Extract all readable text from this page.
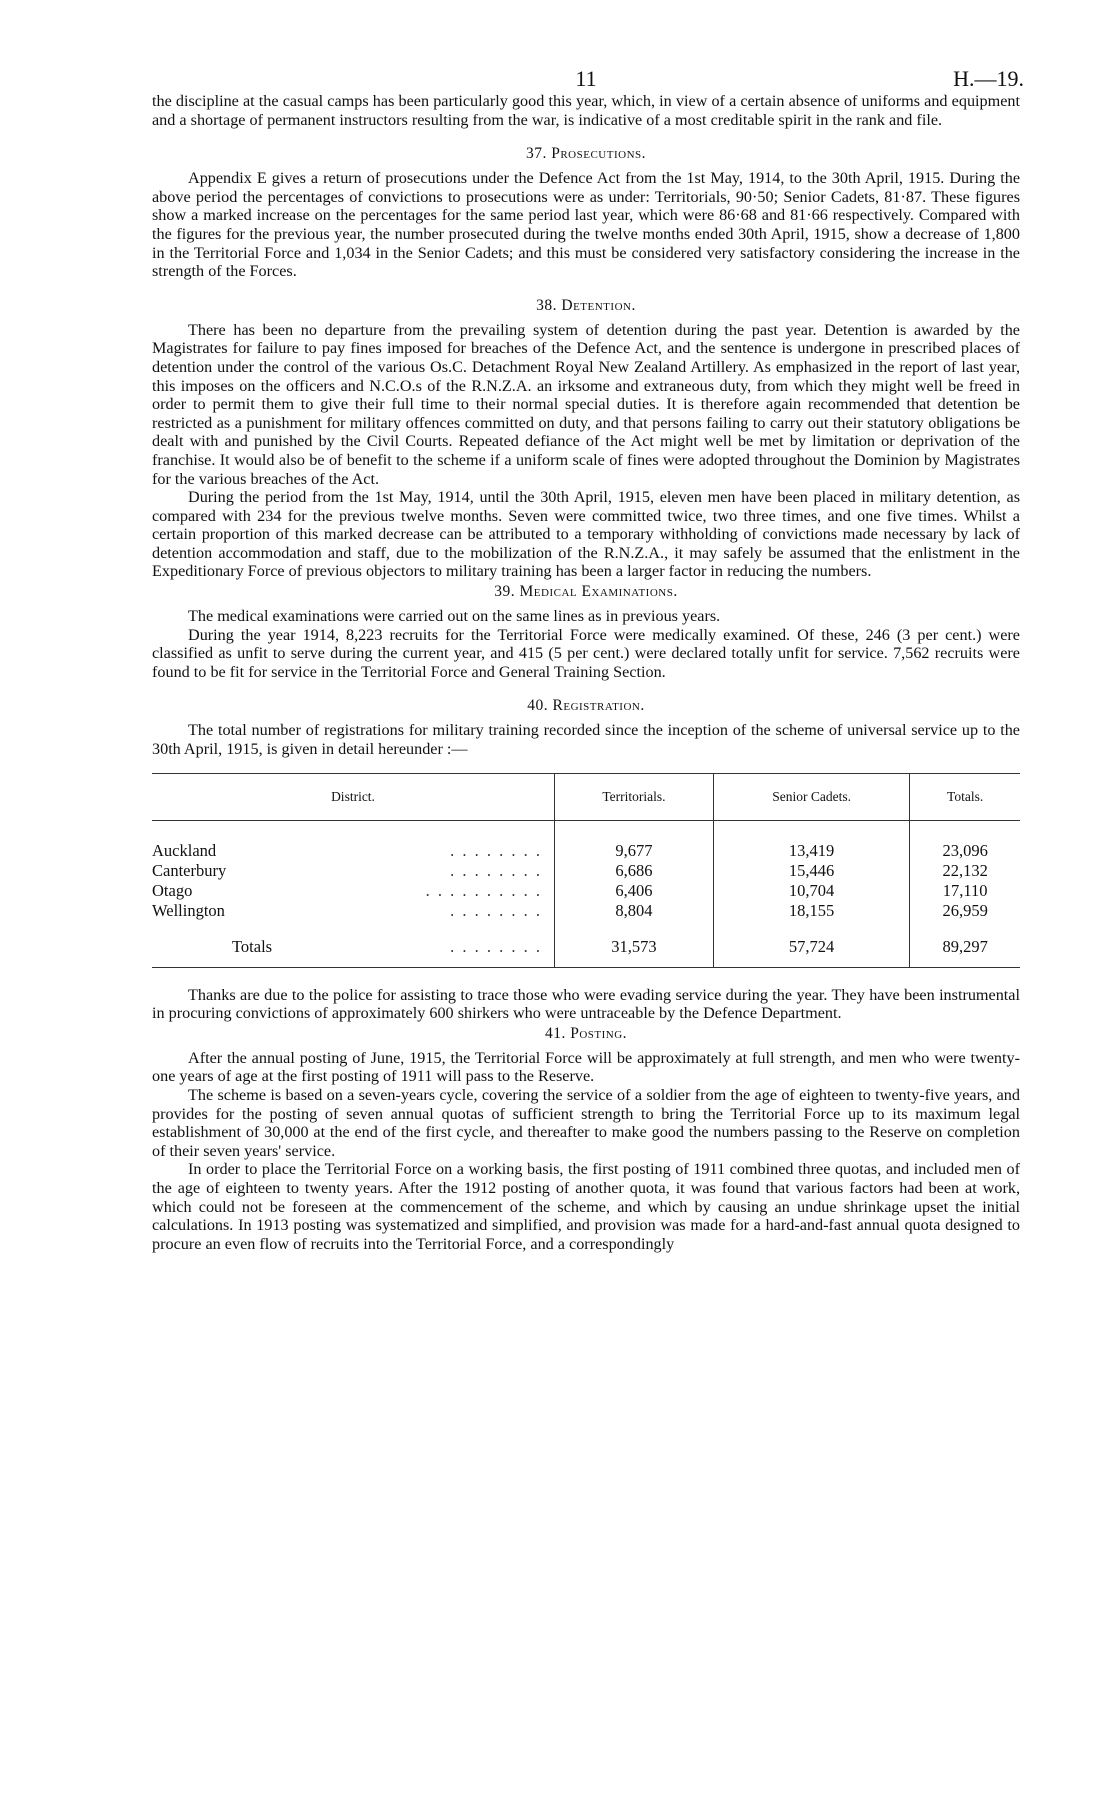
11	H.—19.

the discipline at the casual camps has been particularly good this year, which, in view of a certain absence of uniforms and equipment and a shortage of permanent instructors resulting from the war, is indicative of a most creditable spirit in the rank and file.

37. Prosecutions.

Appendix E gives a return of prosecutions under the Defence Act from the 1st May, 1914, to the 30th April, 1915. During the above period the percentages of convictions to prosecutions were as under: Territorials, 90·50; Senior Cadets, 81·87. These figures show a marked increase on the percentages for the same period last year, which were 86·68 and 81·66 respectively. Compared with the figures for the previous year, the number prosecuted during the twelve months ended 30th April, 1915, show a decrease of 1,800 in the Territorial Force and 1,034 in the Senior Cadets; and this must be considered very satisfactory considering the increase in the strength of the Forces.

38. Detention.

There has been no departure from the prevailing system of detention during the past year. Detention is awarded by the Magistrates for failure to pay fines imposed for breaches of the Defence Act, and the sentence is undergone in prescribed places of detention under the control of the various Os.C. Detachment Royal New Zealand Artillery. As emphasized in the report of last year, this imposes on the officers and N.C.O.s of the R.N.Z.A. an irksome and extraneous duty, from which they might well be freed in order to permit them to give their full time to their normal special duties. It is therefore again recommended that detention be restricted as a punishment for military offences committed on duty, and that persons failing to carry out their statutory obligations be dealt with and punished by the Civil Courts. Repeated defiance of the Act might well be met by limitation or deprivation of the franchise. It would also be of benefit to the scheme if a uniform scale of fines were adopted throughout the Dominion by Magistrates for the various breaches of the Act.

During the period from the 1st May, 1914, until the 30th April, 1915, eleven men have been placed in military detention, as compared with 234 for the previous twelve months. Seven were committed twice, two three times, and one five times. Whilst a certain proportion of this marked decrease can be attributed to a temporary withholding of convictions made necessary by lack of detention accommodation and staff, due to the mobilization of the R.N.Z.A., it may safely be assumed that the enlistment in the Expeditionary Force of previous objectors to military training has been a larger factor in reducing the numbers.

39. Medical Examinations.

The medical examinations were carried out on the same lines as in previous years.

During the year 1914, 8,223 recruits for the Territorial Force were medically examined. Of these, 246 (3 per cent.) were classified as unfit to serve during the current year, and 415 (5 per cent.) were declared totally unfit for service. 7,562 recruits were found to be fit for service in the Territorial Force and General Training Section.

40. Registration.

The total number of registrations for military training recorded since the inception of the scheme of universal service up to the 30th April, 1915, is given in detail hereunder :—

District.	Territorials.	Senior Cadets.	Totals.

Auckland . . . . . . . .	9,677	13,419	23,096

Canterbury . . . . . . . .	6,686	15,446	22,132

Otago . . . . . . . . . .	6,406	10,704	17,110

Wellington . . . . . . . .	8,804	18,155	26,959

Totals . . . . . . . .	31,573	57,724	89,297

Thanks are due to the police for assisting to trace those who were evading service during the year. They have been instrumental in procuring convictions of approximately 600 shirkers who were untraceable by the Defence Department.

41. Posting.

After the annual posting of June, 1915, the Territorial Force will be approximately at full strength, and men who were twenty-one years of age at the first posting of 1911 will pass to the Reserve.

The scheme is based on a seven-years cycle, covering the service of a soldier from the age of eighteen to twenty-five years, and provides for the posting of seven annual quotas of sufficient strength to bring the Territorial Force up to its maximum legal establishment of 30,000 at the end of the first cycle, and thereafter to make good the numbers passing to the Reserve on completion of their seven years' service.

In order to place the Territorial Force on a working basis, the first posting of 1911 combined three quotas, and included men of the age of eighteen to twenty years. After the 1912 posting of another quota, it was found that various factors had been at work, which could not be foreseen at the commencement of the scheme, and which by causing an undue shrinkage upset the initial calculations. In 1913 posting was systematized and simplified, and provision was made for a hard-and-fast annual quota designed to procure an even flow of recruits into the Territorial Force, and a correspondingly
